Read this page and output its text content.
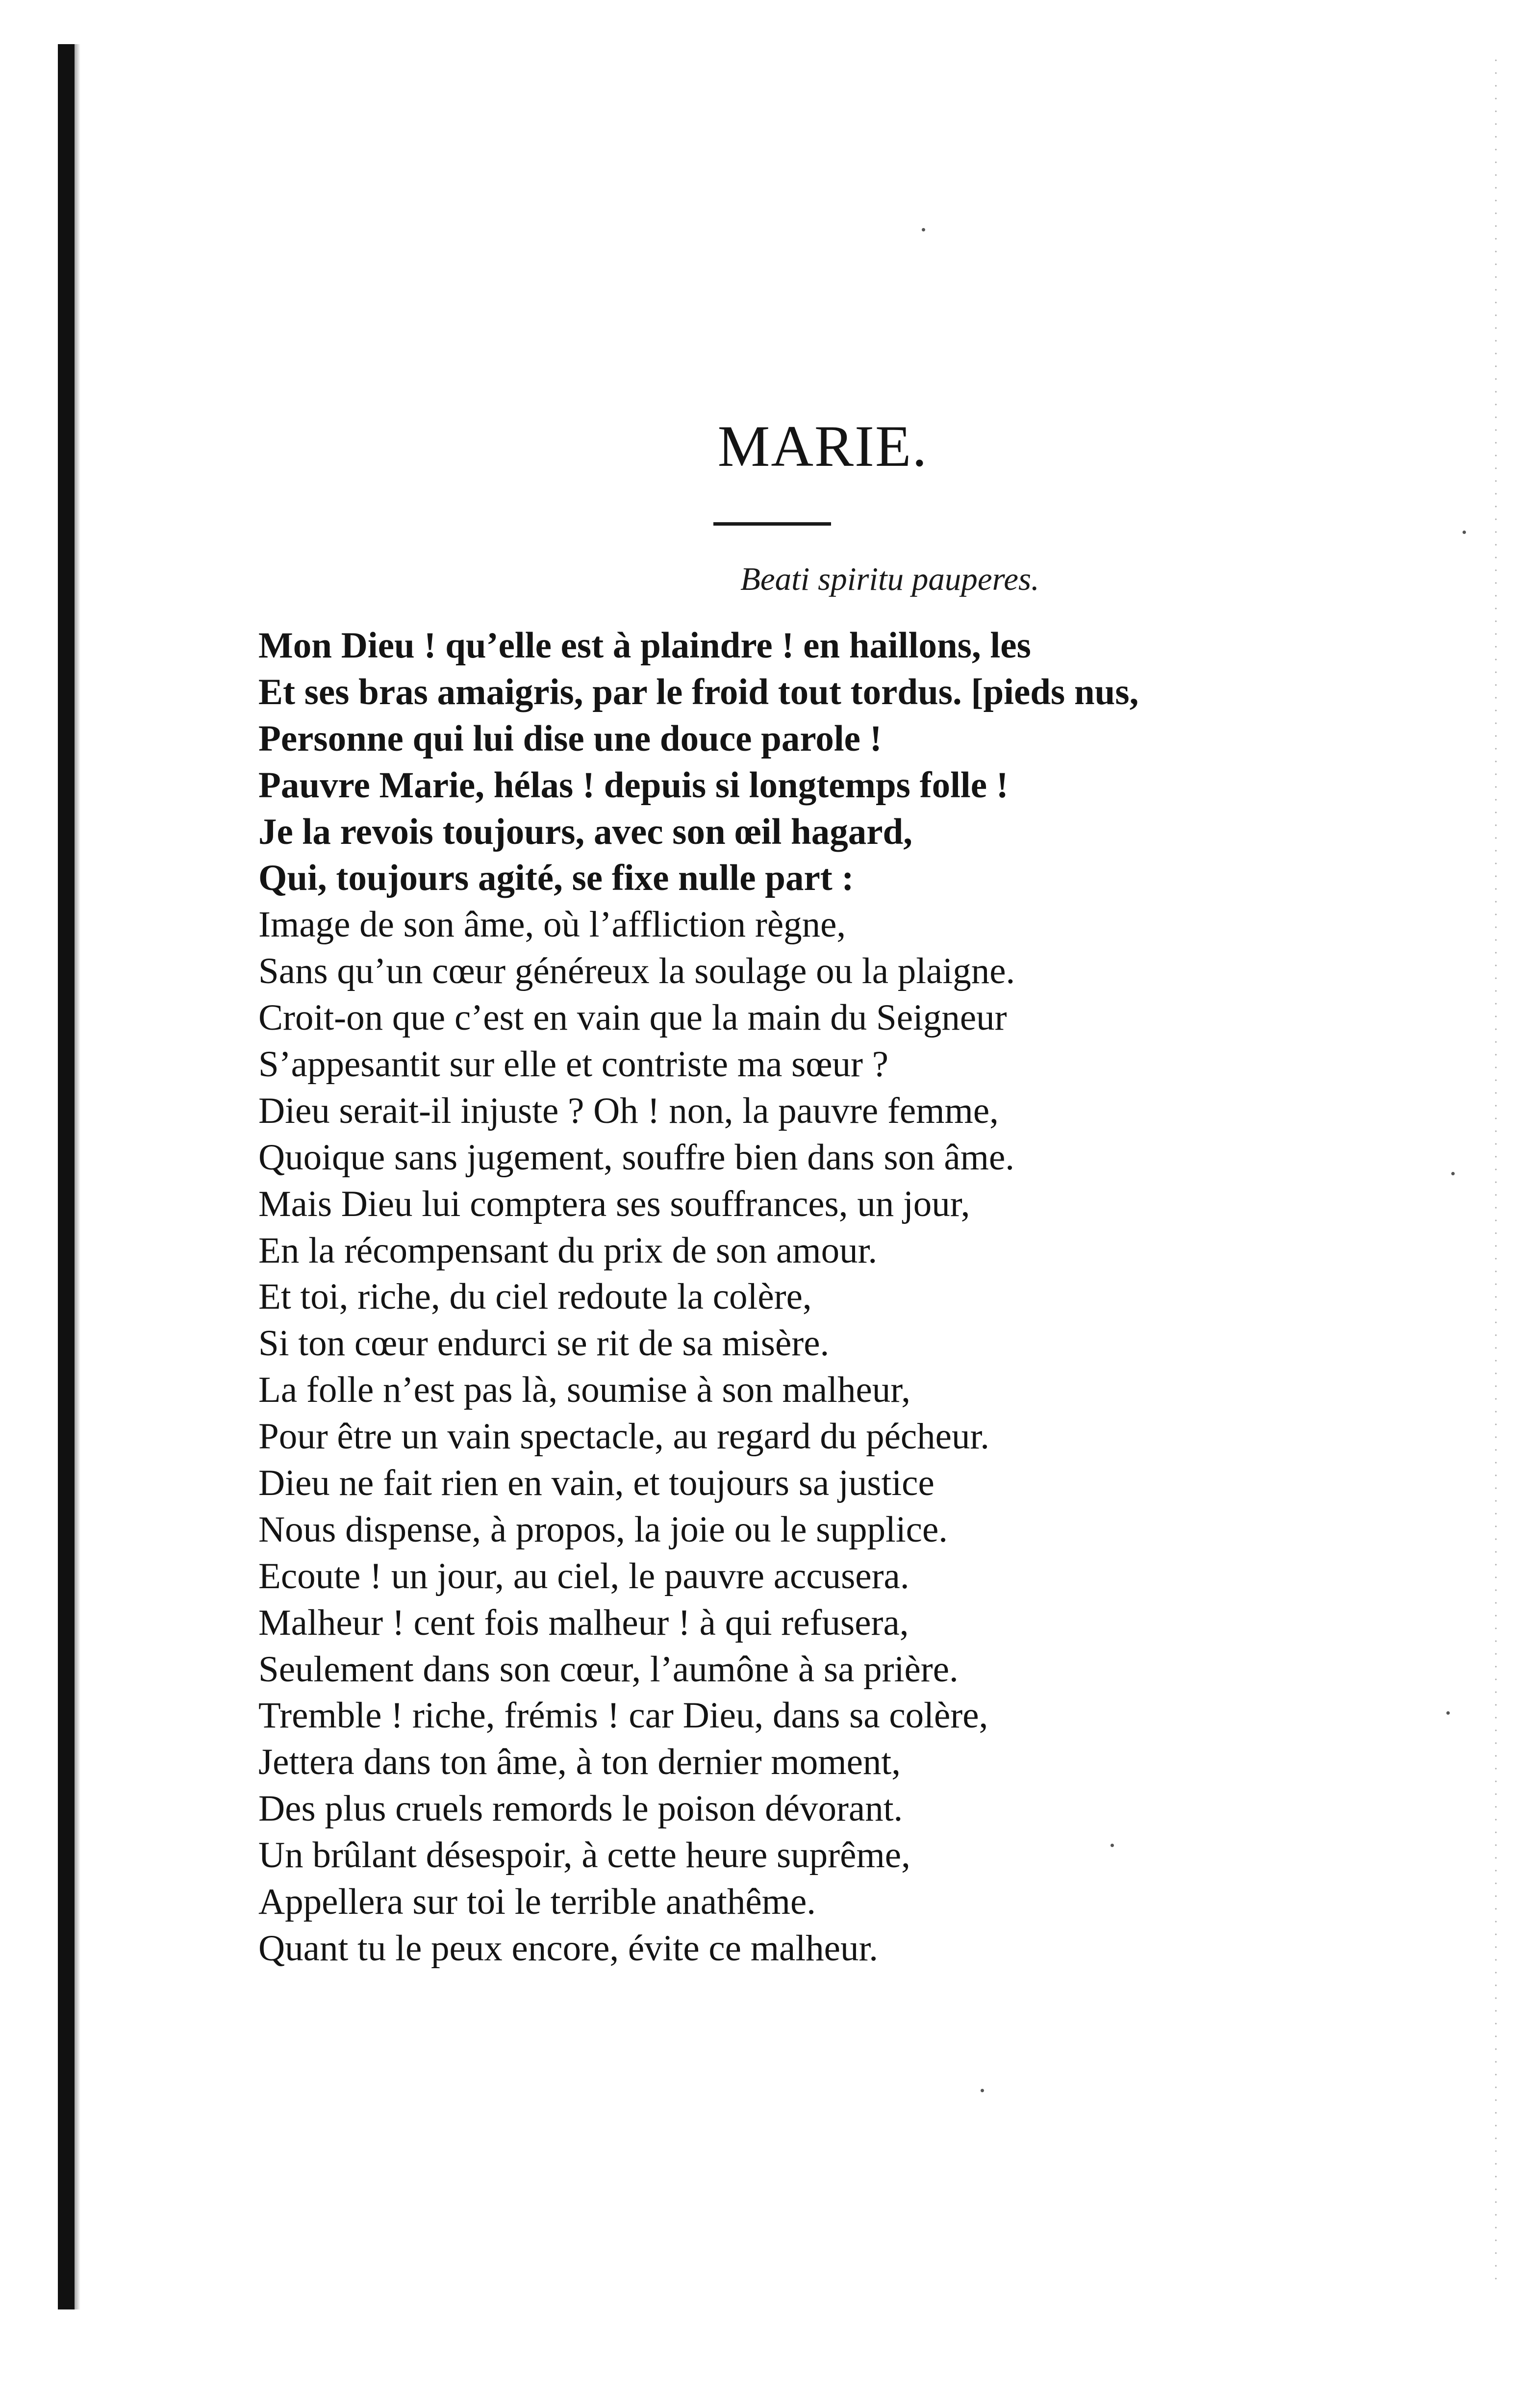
MARIE.
Beati spiritu pauperes.
Mon Dieu ! qu’elle est à plaindre ! en haillons, les
Et ses bras amaigris, par le froid tout tordus. [pieds nus,
Personne qui lui dise une douce parole !
Pauvre Marie, hélas ! depuis si longtemps folle !
Je la revois toujours, avec son œil hagard,
Qui, toujours agité, se fixe nulle part :
Image de son âme, où l’affliction règne,
Sans qu’un cœur généreux la soulage ou la plaigne.
Croit-on que c’est en vain que la main du Seigneur
S’appesantit sur elle et contriste ma sœur ?
Dieu serait-il injuste ? Oh ! non, la pauvre femme,
Quoique sans jugement, souffre bien dans son âme.
Mais Dieu lui comptera ses souffrances, un jour,
En la récompensant du prix de son amour.
Et toi, riche, du ciel redoute la colère,
Si ton cœur endurci se rit de sa misère.
La folle n’est pas là, soumise à son malheur,
Pour être un vain spectacle, au regard du pécheur.
Dieu ne fait rien en vain, et toujours sa justice
Nous dispense, à propos, la joie ou le supplice.
Ecoute ! un jour, au ciel, le pauvre accusera.
Malheur ! cent fois malheur ! à qui refusera,
Seulement dans son cœur, l’aumône à sa prière.
Tremble ! riche, frémis ! car Dieu, dans sa colère,
Jettera dans ton âme, à ton dernier moment,
Des plus cruels remords le poison dévorant.
Un brûlant désespoir, à cette heure suprême,
Appellera sur toi le terrible anathême.
Quant tu le peux encore, évite ce malheur.
